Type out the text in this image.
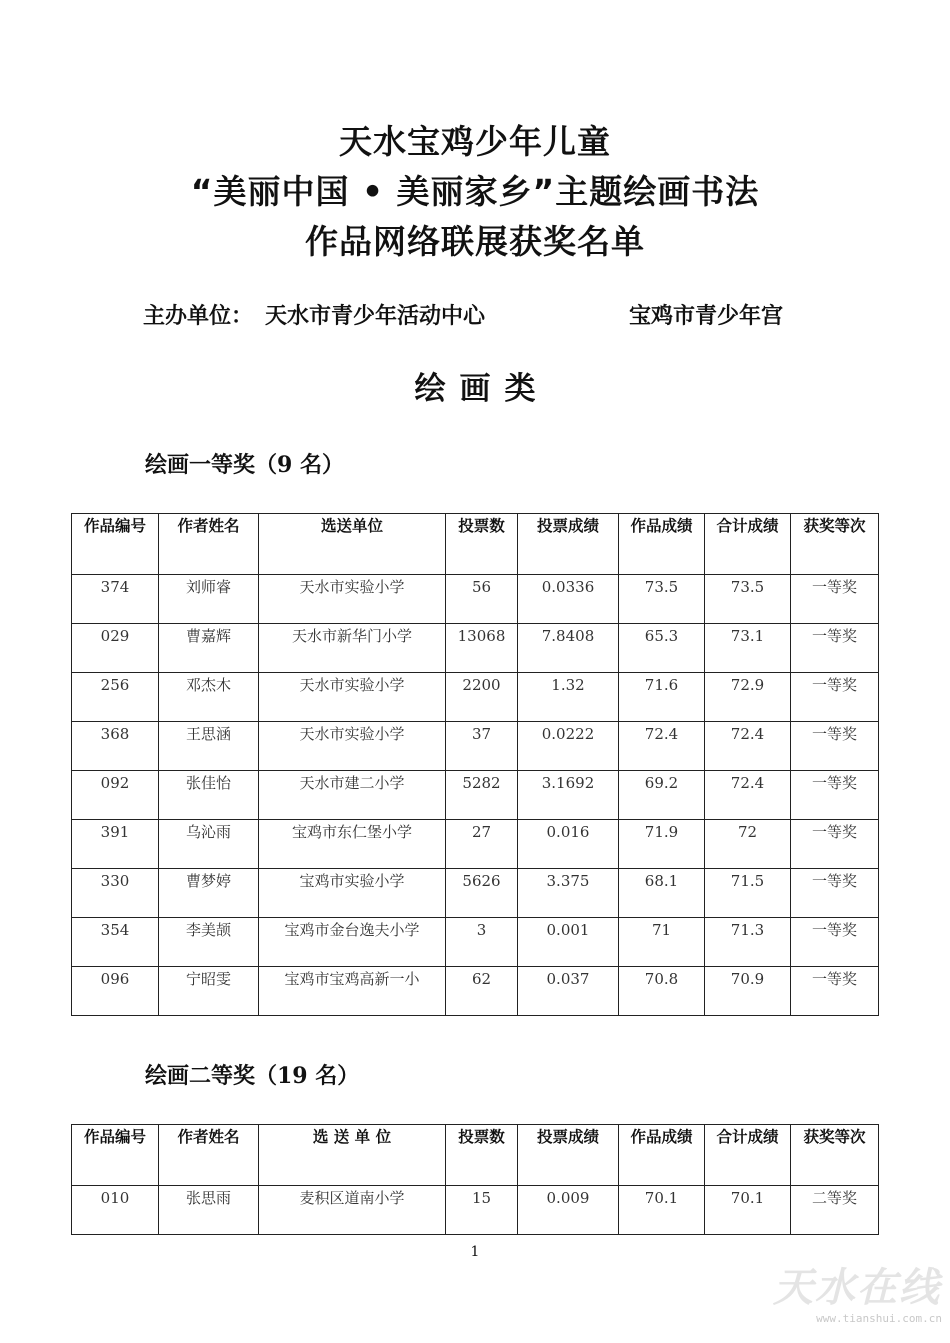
天水宝鸡少年儿童
“美丽中国 • 美丽家乡”主题绘画书法
作品网络联展获奖名单
主办单位： 天水市青少年活动中心	宝鸡市青少年宫
绘画类
绘画一等奖（9 名）
作品编号	作者姓名	选送单位	投票数	投票成绩	作品成绩	合计成绩	获奖等次
374	刘师睿	天水市实验小学	56	0.0336	73.5	73.5	一等奖
029	曹嘉辉	天水市新华门小学	13068	7.8408	65.3	73.1	一等奖
256	邓杰木	天水市实验小学	2200	1.32	71.6	72.9	一等奖
368	王思涵	天水市实验小学	37	0.0222	72.4	72.4	一等奖
092	张佳怡	天水市建二小学	5282	3.1692	69.2	72.4	一等奖
391	乌沁雨	宝鸡市东仁堡小学	27	0.016	71.9	72	一等奖
330	曹梦婷	宝鸡市实验小学	5626	3.375	68.1	71.5	一等奖
354	李美颉	宝鸡市金台逸夫小学	3	0.001	71	71.3	一等奖
096	宁昭雯	宝鸡市宝鸡高新一小	62	0.037	70.8	70.9	一等奖
绘画二等奖（19 名）
作品编号	作者姓名	选 送 单 位	投票数	投票成绩	作品成绩	合计成绩	获奖等次
010	张思雨	麦积区道南小学	15	0.009	70.1	70.1	二等奖
1
天水在线
www.tianshui.com.cn
